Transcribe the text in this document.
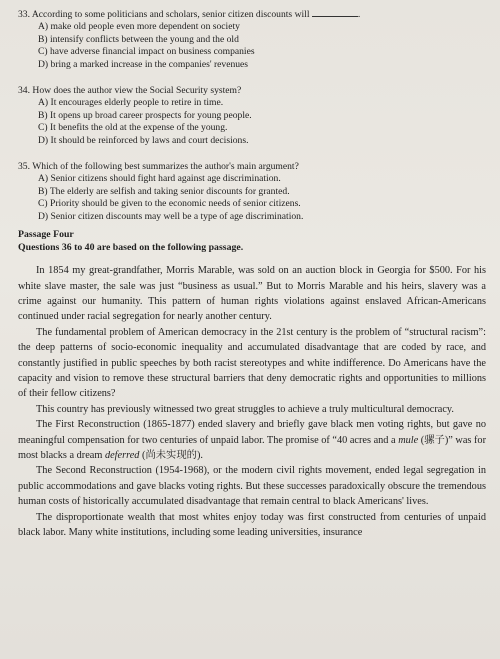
33. According to some politicians and scholars, senior citizen discounts will	.

A) make old people even more dependent on society
B) intensify conflicts between the young and the old
C) have adverse financial impact on business companies
D) bring a marked increase in the companies' revenues

34. How does the author view the Social Security system?

A) It encourages elderly people to retire in time.
B) It opens up broad career prospects for young people.
C) It benefits the old at the expense of the young.
D) It should be reinforced by laws and court decisions.

35. Which of the following best summarizes the author's main argument?

A) Senior citizens should fight hard against age discrimination.
B) The elderly are selfish and taking senior discounts for granted.
C) Priority should be given to the economic needs of senior citizens.
D) Senior citizen discounts may well be a type of age discrimination.
Passage Four
Questions 36 to 40 are based on the following passage.

In 1854 my great-grandfather, Morris Marable, was sold on an auction block in Georgia for $500. For his white slave master, the sale was just “business as usual.” But to Morris Marable and his heirs, slavery was a crime against our humanity. This pattern of human rights violations against enslaved African-Americans continued under racial segregation for nearly another century.

The fundamental problem of American democracy in the 21st century is the problem of “structural racism”: the deep patterns of socio-economic inequality and accumulated disadvantage that are coded by race, and constantly justified in public speeches by both racist stereotypes and white indifference. Do Americans have the capacity and vision to remove these structural barriers that deny democratic rights and opportunities to millions of their fellow citizens?

This country has previously witnessed two great struggles to achieve a truly multicultural democracy.

The First Reconstruction (1865-1877) ended slavery and briefly gave black men voting rights, but gave no meaningful compensation for two centuries of unpaid labor. The promise of “40 acres and a mule (骡子)” was for most blacks a dream deferred (尚未实现的).

The Second Reconstruction (1954-1968), or the modern civil rights movement, ended legal segregation in public accommodations and gave blacks voting rights. But these successes paradoxically obscure the tremendous human costs of historically accumulated disadvantage that remain central to black Americans' lives.

The disproportionate wealth that most whites enjoy today was first constructed from centuries of unpaid black labor. Many white institutions, including some leading universities, insurance
